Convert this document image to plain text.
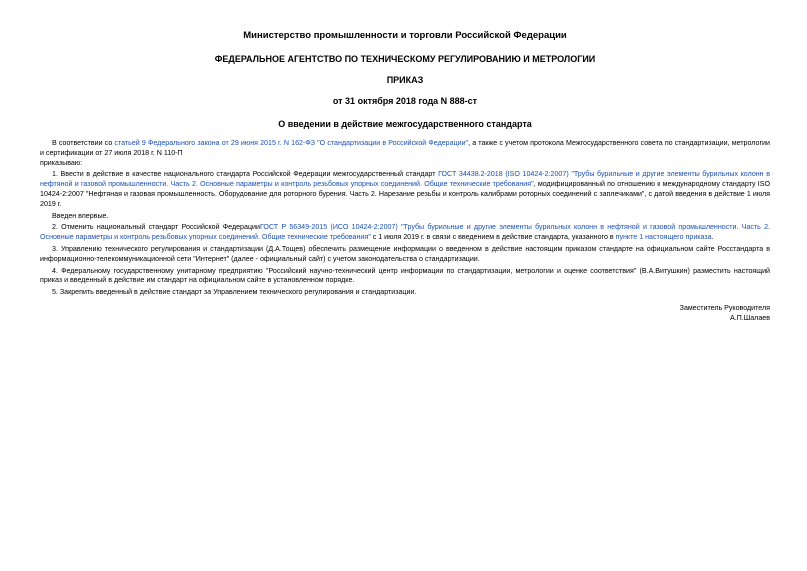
Министерство промышленности и торговли Российской Федерации
ФЕДЕРАЛЬНОЕ АГЕНТСТВО ПО ТЕХНИЧЕСКОМУ РЕГУЛИРОВАНИЮ И МЕТРОЛОГИИ
ПРИКАЗ
от 31 октября 2018 года N 888-ст
О введении в действие межгосударственного стандарта

В соответствии со статьей 9 Федерального закона от 29 июня 2015 г. N 162-ФЗ "О стандартизации в Российской Федерации", а также с учетом протокола Межгосударственного совета по стандартизации, метрологии и сертификации от 27 июля 2018 г. N 110-П

приказываю:

1. Ввести в действие в качестве национального стандарта Российской Федерации межгосударственный стандарт ГОСТ 34438.2-2018 (ISO 10424-2:2007) "Трубы бурильные и другие элементы бурильных колонн в нефтяной и газовой промышленности. Часть 2. Основные параметры и контроль резьбовых упорных соединений. Общие технические требования", модифицированный по отношению к международному стандарту ISO 10424-2:2007 "Нефтяная и газовая промышленность. Оборудование для роторного бурения. Часть 2. Нарезание резьбы и контроль калибрами роторных соединений с заплечиками", с датой введения в действие 1 июля 2019 г.

Введен впервые.

2. Отменить национальный стандарт Российской ФедерацииГОСТ Р 56349-2015 (ИСО 10424-2:2007) "Трубы бурильные и другие элементы бурильных колонн в нефтяной и газовой промышленности. Часть 2. Основные параметры и контроль резьбовых упорных соединений. Общие технические требования" с 1 июля 2019 г. в связи с введением в действие стандарта, указанного в пункте 1 настоящего приказа.

3. Управлению технического регулирования и стандартизации (Д.А.Тощев) обеспечить размещение информации о введенном в действие настоящим приказом стандарте на официальном сайте Росстандарта в информационно-телекоммуникационной сети "Интернет" (далее - официальный сайт) с учетом законодательства о стандартизации.

4. Федеральному государственному унитарному предприятию "Российский научно-технический центр информации по стандартизации, метрологии и оценке соответствия" (В.А.Витушкин) разместить настоящий приказ и введенный в действие им стандарт на официальном сайте в установленном порядке.

5. Закрепить введенный в действие стандарт за Управлением технического регулирования и стандартизации.

Заместитель Руководителя
А.П.Шалаев
